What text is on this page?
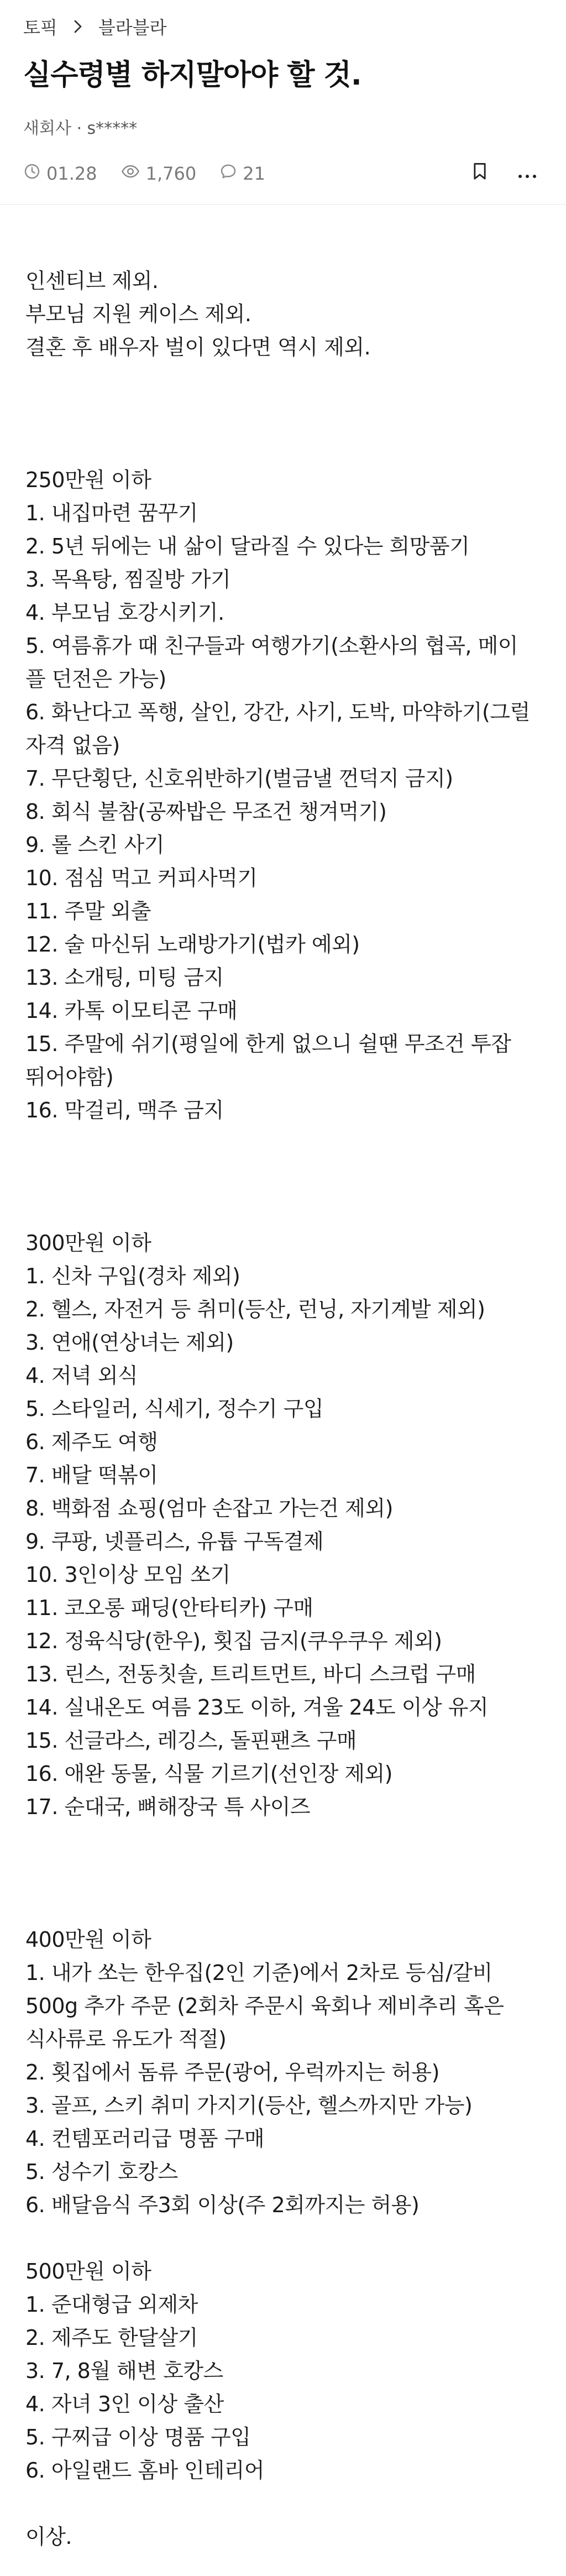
토픽 블라블라
실수령별 하지말아야 할 것.
새회사 · s*****
01.28	1,760	21
인센티브 제외.
부모님 지원 케이스 제외.
결혼 후 배우자 벌이 있다면 역시 제외.
250만원 이하
1. 내집마련 꿈꾸기
2. 5년 뒤에는 내 삶이 달라질 수 있다는 희망품기
3. 목욕탕, 찜질방 가기
4. 부모님 호강시키기.
5. 여름휴가 때 친구들과 여행가기(소환사의 협곡, 메이
플 던전은 가능)
6. 화난다고 폭행, 살인, 강간, 사기, 도박, 마약하기(그럴
자격 없음)
7. 무단횡단, 신호위반하기(벌금낼 껀덕지 금지)
8. 회식 불참(공짜밥은 무조건 챙겨먹기)
9. 롤 스킨 사기
10. 점심 먹고 커피사먹기
11. 주말 외출
12. 술 마신뒤 노래방가기(법카 예외)
13. 소개팅, 미팅 금지
14. 카톡 이모티콘 구매
15. 주말에 쉬기(평일에 한게 없으니 쉴땐 무조건 투잡
뛰어야함)
16. 막걸리, 맥주 금지
300만원 이하
1. 신차 구입(경차 제외)
2. 헬스, 자전거 등 취미(등산, 런닝, 자기계발 제외)
3. 연애(연상녀는 제외)
4. 저녁 외식
5. 스타일러, 식세기, 정수기 구입
6. 제주도 여행
7. 배달 떡볶이
8. 백화점 쇼핑(엄마 손잡고 가는건 제외)
9. 쿠팡, 넷플리스, 유튭 구독결제
10. 3인이상 모임 쏘기
11. 코오롱 패딩(안타티카) 구매
12. 정육식당(한우), 횟집 금지(쿠우쿠우 제외)
13. 린스, 전동칫솔, 트리트먼트, 바디 스크럽 구매
14. 실내온도 여름 23도 이하, 겨울 24도 이상 유지
15. 선글라스, 레깅스, 돌핀팬츠 구매
16. 애완 동물, 식물 기르기(선인장 제외)
17. 순대국, 뼈해장국 특 사이즈
400만원 이하
1. 내가 쏘는 한우집(2인 기준)에서 2차로 등심/갈비
500g 추가 주문 (2회차 주문시 육회나 제비추리 혹은
식사류로 유도가 적절)
2. 횟집에서 돔류 주문(광어, 우럭까지는 허용)
3. 골프, 스키 취미 가지기(등산, 헬스까지만 가능)
4. 컨템포러리급 명품 구매
5. 성수기 호캉스
6. 배달음식 주3회 이상(주 2회까지는 허용)
500만원 이하
1. 준대형급 외제차
2. 제주도 한달살기
3. 7, 8월 해변 호캉스
4. 자녀 3인 이상 출산
5. 구찌급 이상 명품 구입
6. 아일랜드 홈바 인테리어
이상.
